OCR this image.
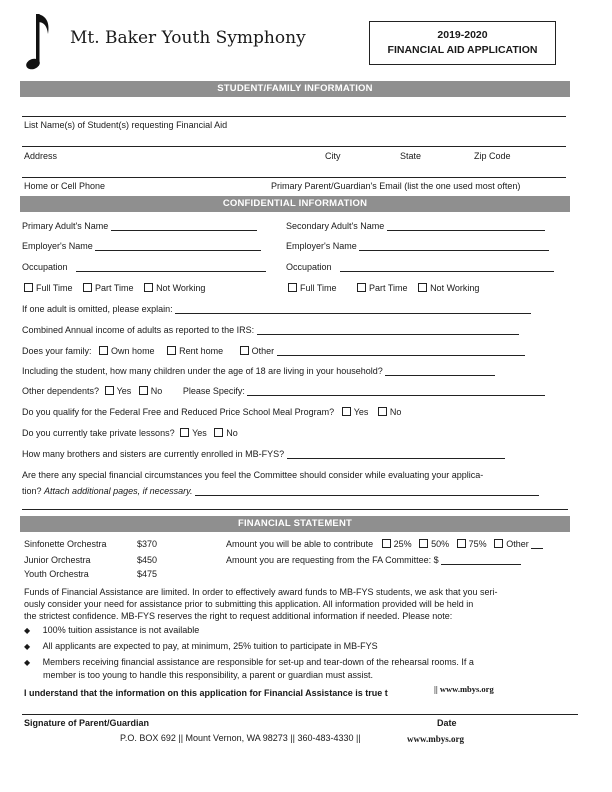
Mt. Baker Youth Symphony	2019-2020
FINANCIAL AID APPLICATION
STUDENT/FAMILY INFORMATION
List Name(s) of Student(s) requesting Financial Aid
Address	City	State	Zip Code
Home or Cell Phone	Primary Parent/Guardian's Email (list the one used most often)
CONFIDENTIAL INFORMATION
Primary Adult's Name	Secondary Adult's Name
Employer's Name	Employer's Name
Occupation	Occupation
Full Time	Part Time	Not Working	Full Time	Part Time	Not Working
If one adult is omitted, please explain:
Combined Annual income of adults as reported to the IRS:
Does your family: Own home	Rent home	Other
Including the student, how many children under the age of 18 are living in your household?
Other dependents? Yes No Please Specify:
Do you qualify for the Federal Free and Reduced Price School Meal Program? Yes No
Do you currently take private lessons? Yes No
How many brothers and sisters are currently enrolled in MB-FYS?
Are there any special financial circumstances you feel the Committee should consider while evaluating your applica-
tion? Attach additional pages, if necessary.
FINANCIAL STATEMENT
Sinfonette Orchestra	$370
Junior Orchestra	$450
Youth Orchestra	$475
Amount you will be able to contribute 25% 50% 75% Other
Amount you are requesting from the FA Committee: $
Funds of Financial Assistance are limited. In order to effectively award funds to MB-FYS students, we ask that you seri-
ously consider your need for assistance prior to submitting this application. All information provided will be held in
the strictest confidence. MB-FYS reserves the right to request additional information if needed. Please note:
◆ 100% tuition assistance is not available
◆ All applicants are expected to pay, at minimum, 25% tuition to participate in MB-FYS
◆ Members receiving financial assistance are responsible for set-up and tear-down of the rehearsal rooms. If a
member is too young to handle this responsibility, a parent or guardian must assist.
I understand that the information on this application for Financial Assistance is true t	|| www.mbys.org
Signature of Parent/Guardian	Date
P.O. BOX 692 || Mount Vernon, WA 98273 || 360-483-4330 ||	www.mbys.org
